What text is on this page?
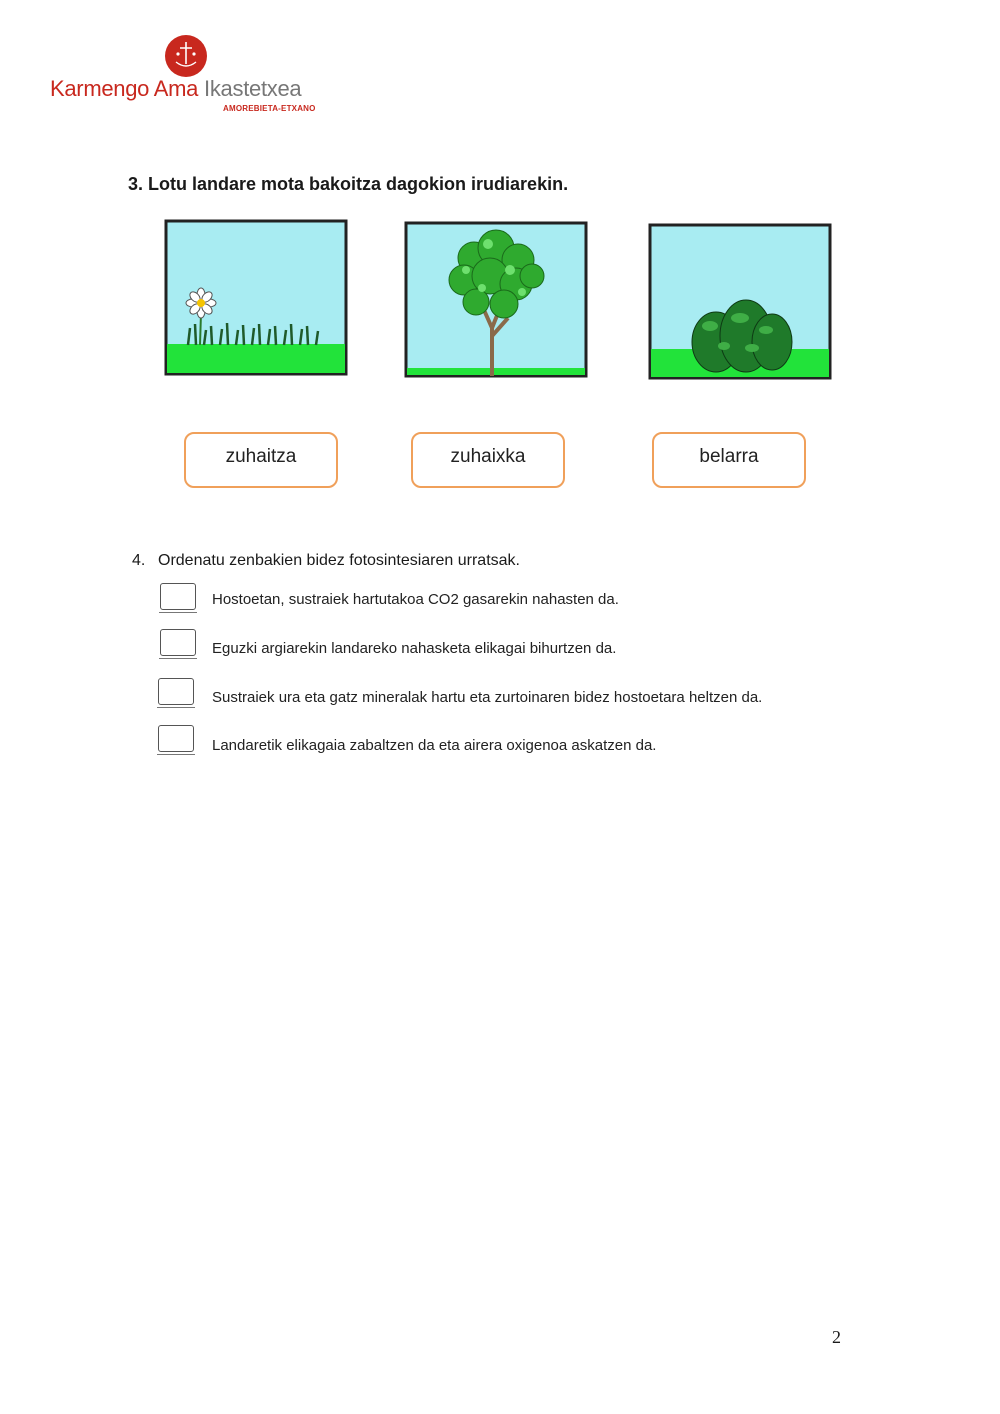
Karmengo Ama Ikastetxea
AMOREBIETA-ETXANO
3. Lotu landare mota bakoitza dagokion irudiarekin.
zuhaitza	zuhaixka	belarra
4. Ordenatu zenbakien bidez fotosintesiaren urratsak.
Hostoetan, sustraiek hartutakoa CO2 gasarekin nahasten da.
Eguzki argiarekin landareko nahasketa elikagai bihurtzen da.
Sustraiek ura eta gatz mineralak hartu eta zurtoinaren bidez hostoetara heltzen da.
Landaretik elikagaia zabaltzen da eta airera oxigenoa askatzen da.
2
